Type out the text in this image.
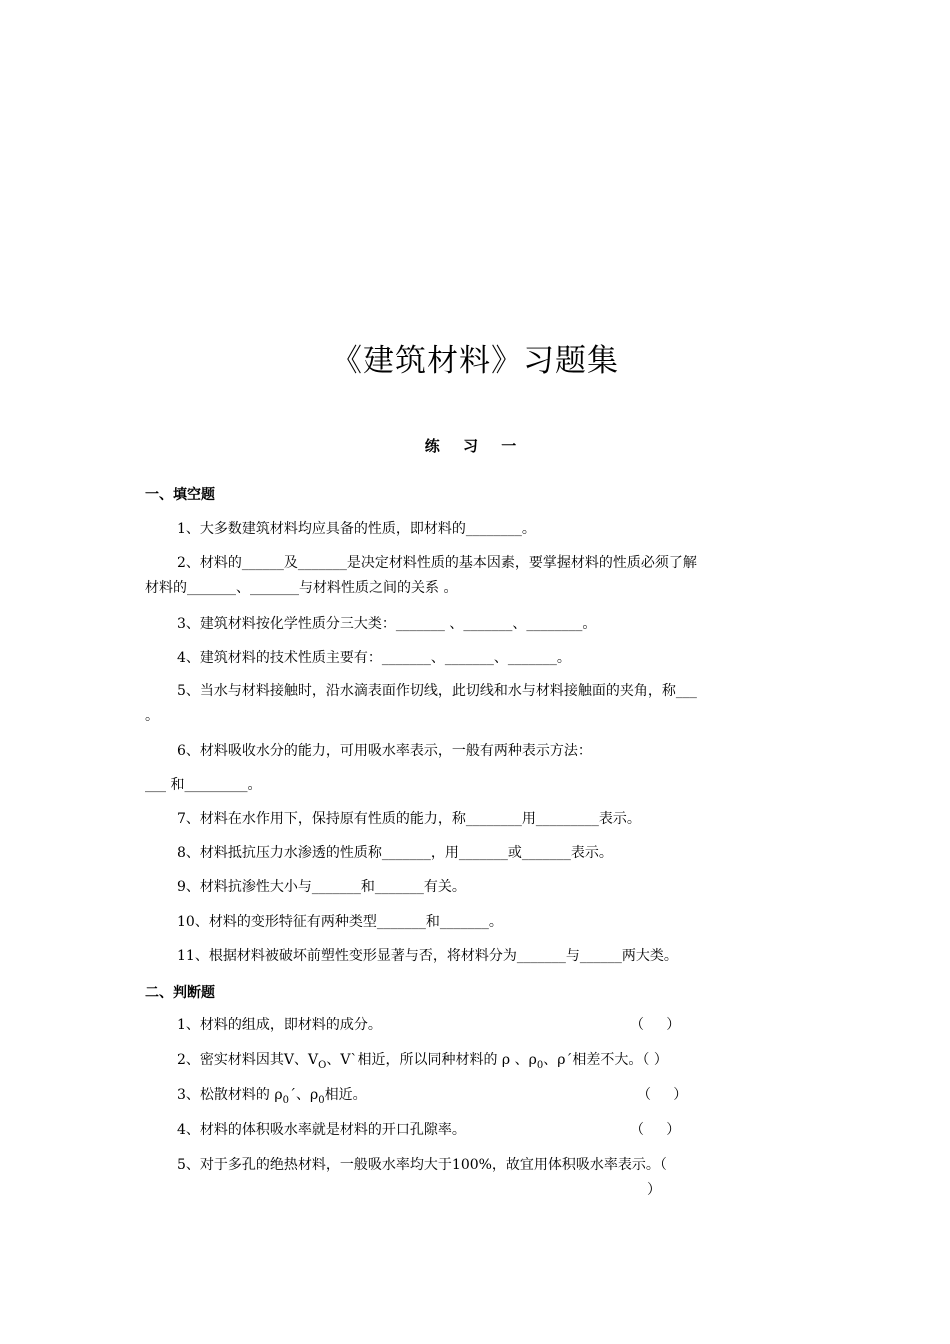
《建筑材料》习题集
练 习 一
一、填空题
1、大多数建筑材料均应具备的性质，即材料的________。
2、材料的______及_______是决定材料性质的基本因素，要掌握材料的性质必须了解
材料的_______、_______与材料性质之间的关系 。
3、建筑材料按化学性质分三大类：_______ 、_______、________。
4、建筑材料的技术性质主要有：_______、_______、_______。
5、当水与材料接触时，沿水滴表面作切线，此切线和水与材料接触面的夹角，称___
。
6、材料吸收水分的能力，可用吸水率表示，一般有两种表示方法：
___ 和_________。
7、材料在水作用下，保持原有性质的能力，称________用_________表示。
8、材料抵抗压力水渗透的性质称_______，用_______或_______表示。
9、材料抗渗性大小与_______和_______有关。
10、材料的变形特征有两种类型_______和_______。
11、根据材料被破坏前塑性变形显著与否，将材料分为_______与______两大类。
二、判断题
1、材料的组成，即材料的成分。	（     ）
2、密实材料因其V、$V_O$、V`相近，所以同种材料的 ρ 、$\rho_0$、ρ´相差不大。（ ）
3、松散材料的 $\rho_0´$、$\rho_0$相近。	（     ）
4、材料的体积吸水率就是材料的开口孔隙率。	（     ）
5、对于多孔的绝热材料，一般吸水率均大于100%，故宜用体积吸水率表示。（
）
